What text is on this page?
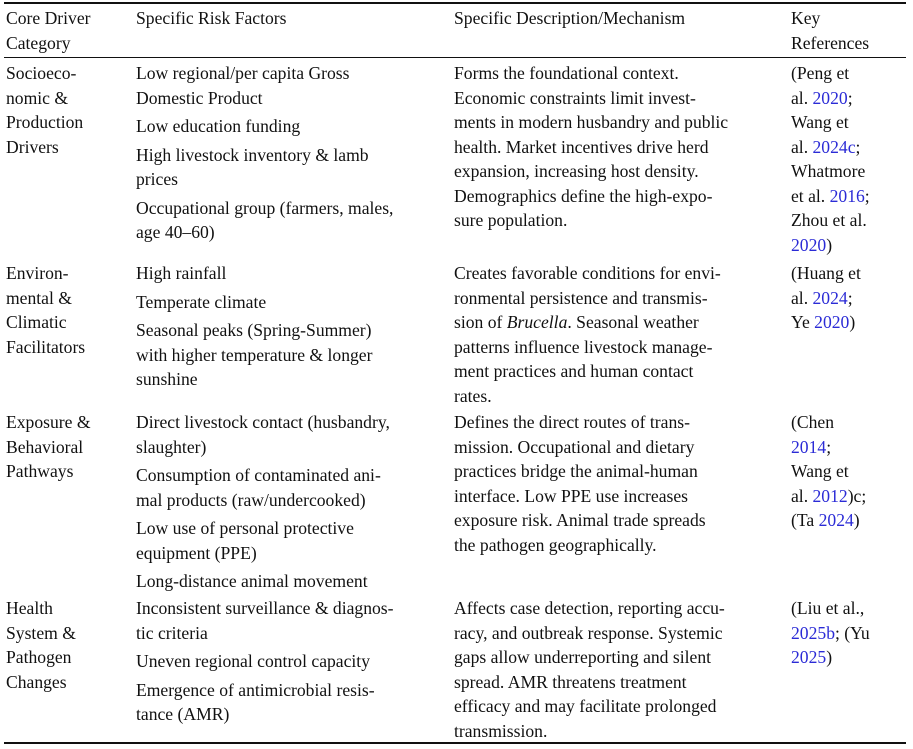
Core Driver
Category
Specific Risk Factors	Specific Description/Mechanism	Key
References
Socioeco-
nomic &
Production
Drivers
Low regional/per capita Gross
Domestic Product
Low education funding
High livestock inventory & lamb
prices
Occupational group (farmers, males,
age 40–60)
Forms the foundational context.
Economic constraints limit invest-
ments in modern husbandry and public
health. Market incentives drive herd
expansion, increasing host density.
Demographics define the high-expo-
sure population.
(Peng et
al. 2020;
Wang et
al. 2024c;
Whatmore
et al. 2016;
Zhou et al.
2020)
Environ-
mental &
Climatic
Facilitators
High rainfall
Temperate climate
Seasonal peaks (Spring-Summer)
with higher temperature & longer
sunshine
Creates favorable conditions for envi-
ronmental persistence and transmis-
sion of Brucella. Seasonal weather
patterns influence livestock manage-
ment practices and human contact
rates.
(Huang et
al. 2024;
Ye 2020)
Exposure &
Behavioral
Pathways
Direct livestock contact (husbandry,
slaughter)
Consumption of contaminated ani-
mal products (raw/undercooked)
Low use of personal protective
equipment (PPE)
Long-distance animal movement
Defines the direct routes of trans-
mission. Occupational and dietary
practices bridge the animal-human
interface. Low PPE use increases
exposure risk. Animal trade spreads
the pathogen geographically.
(Chen
2014;
Wang et
al. 2012)c;
(Ta 2024)
Health
System &
Pathogen
Changes
Inconsistent surveillance & diagnos-
tic criteria
Uneven regional control capacity
Emergence of antimicrobial resis-
tance (AMR)
Affects case detection, reporting accu-
racy, and outbreak response. Systemic
gaps allow underreporting and silent
spread. AMR threatens treatment
efficacy and may facilitate prolonged
transmission.
(Liu et al.,
2025b; (Yu
2025)
